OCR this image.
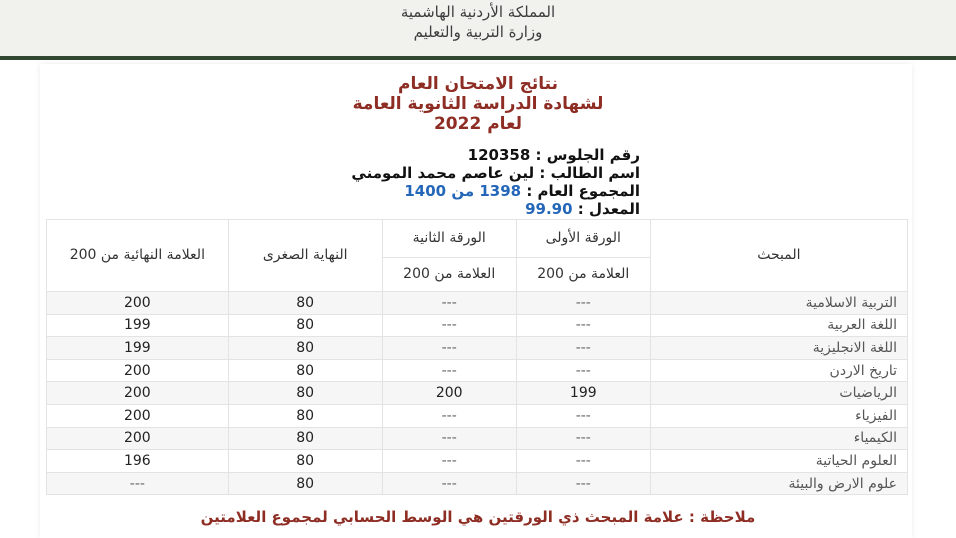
المملكة الأردنية الهاشمية
وزارة التربية والتعليم
نتائج الامتحان العام
لشهادة الدراسة الثانوية العامة
لعام 2022
رقم الجلوس : 120358
اسم الطالب : لين عاصم محمد المومني
المجموع العام : 1398 من 1400
المعدل : 99.90
المبحث	الورقة الأولى	الورقة الثانية	النهاية الصغرى	العلامة النهائية من 200
	العلامة من 200	العلامة من 200		
التربية الاسلامية	---	---	80	200
اللغة العربية	---	---	80	199
اللغة الانجليزية	---	---	80	199
تاريخ الاردن	---	---	80	200
الرياضيات	199	200	80	200
الفيزياء	---	---	80	200
الكيمياء	---	---	80	200
العلوم الحياتية	---	---	80	196
علوم الارض والبيئة	---	---	80	---
ملاحظة : علامة المبحث ذي الورقتين هي الوسط الحسابي لمجموع العلامتين
